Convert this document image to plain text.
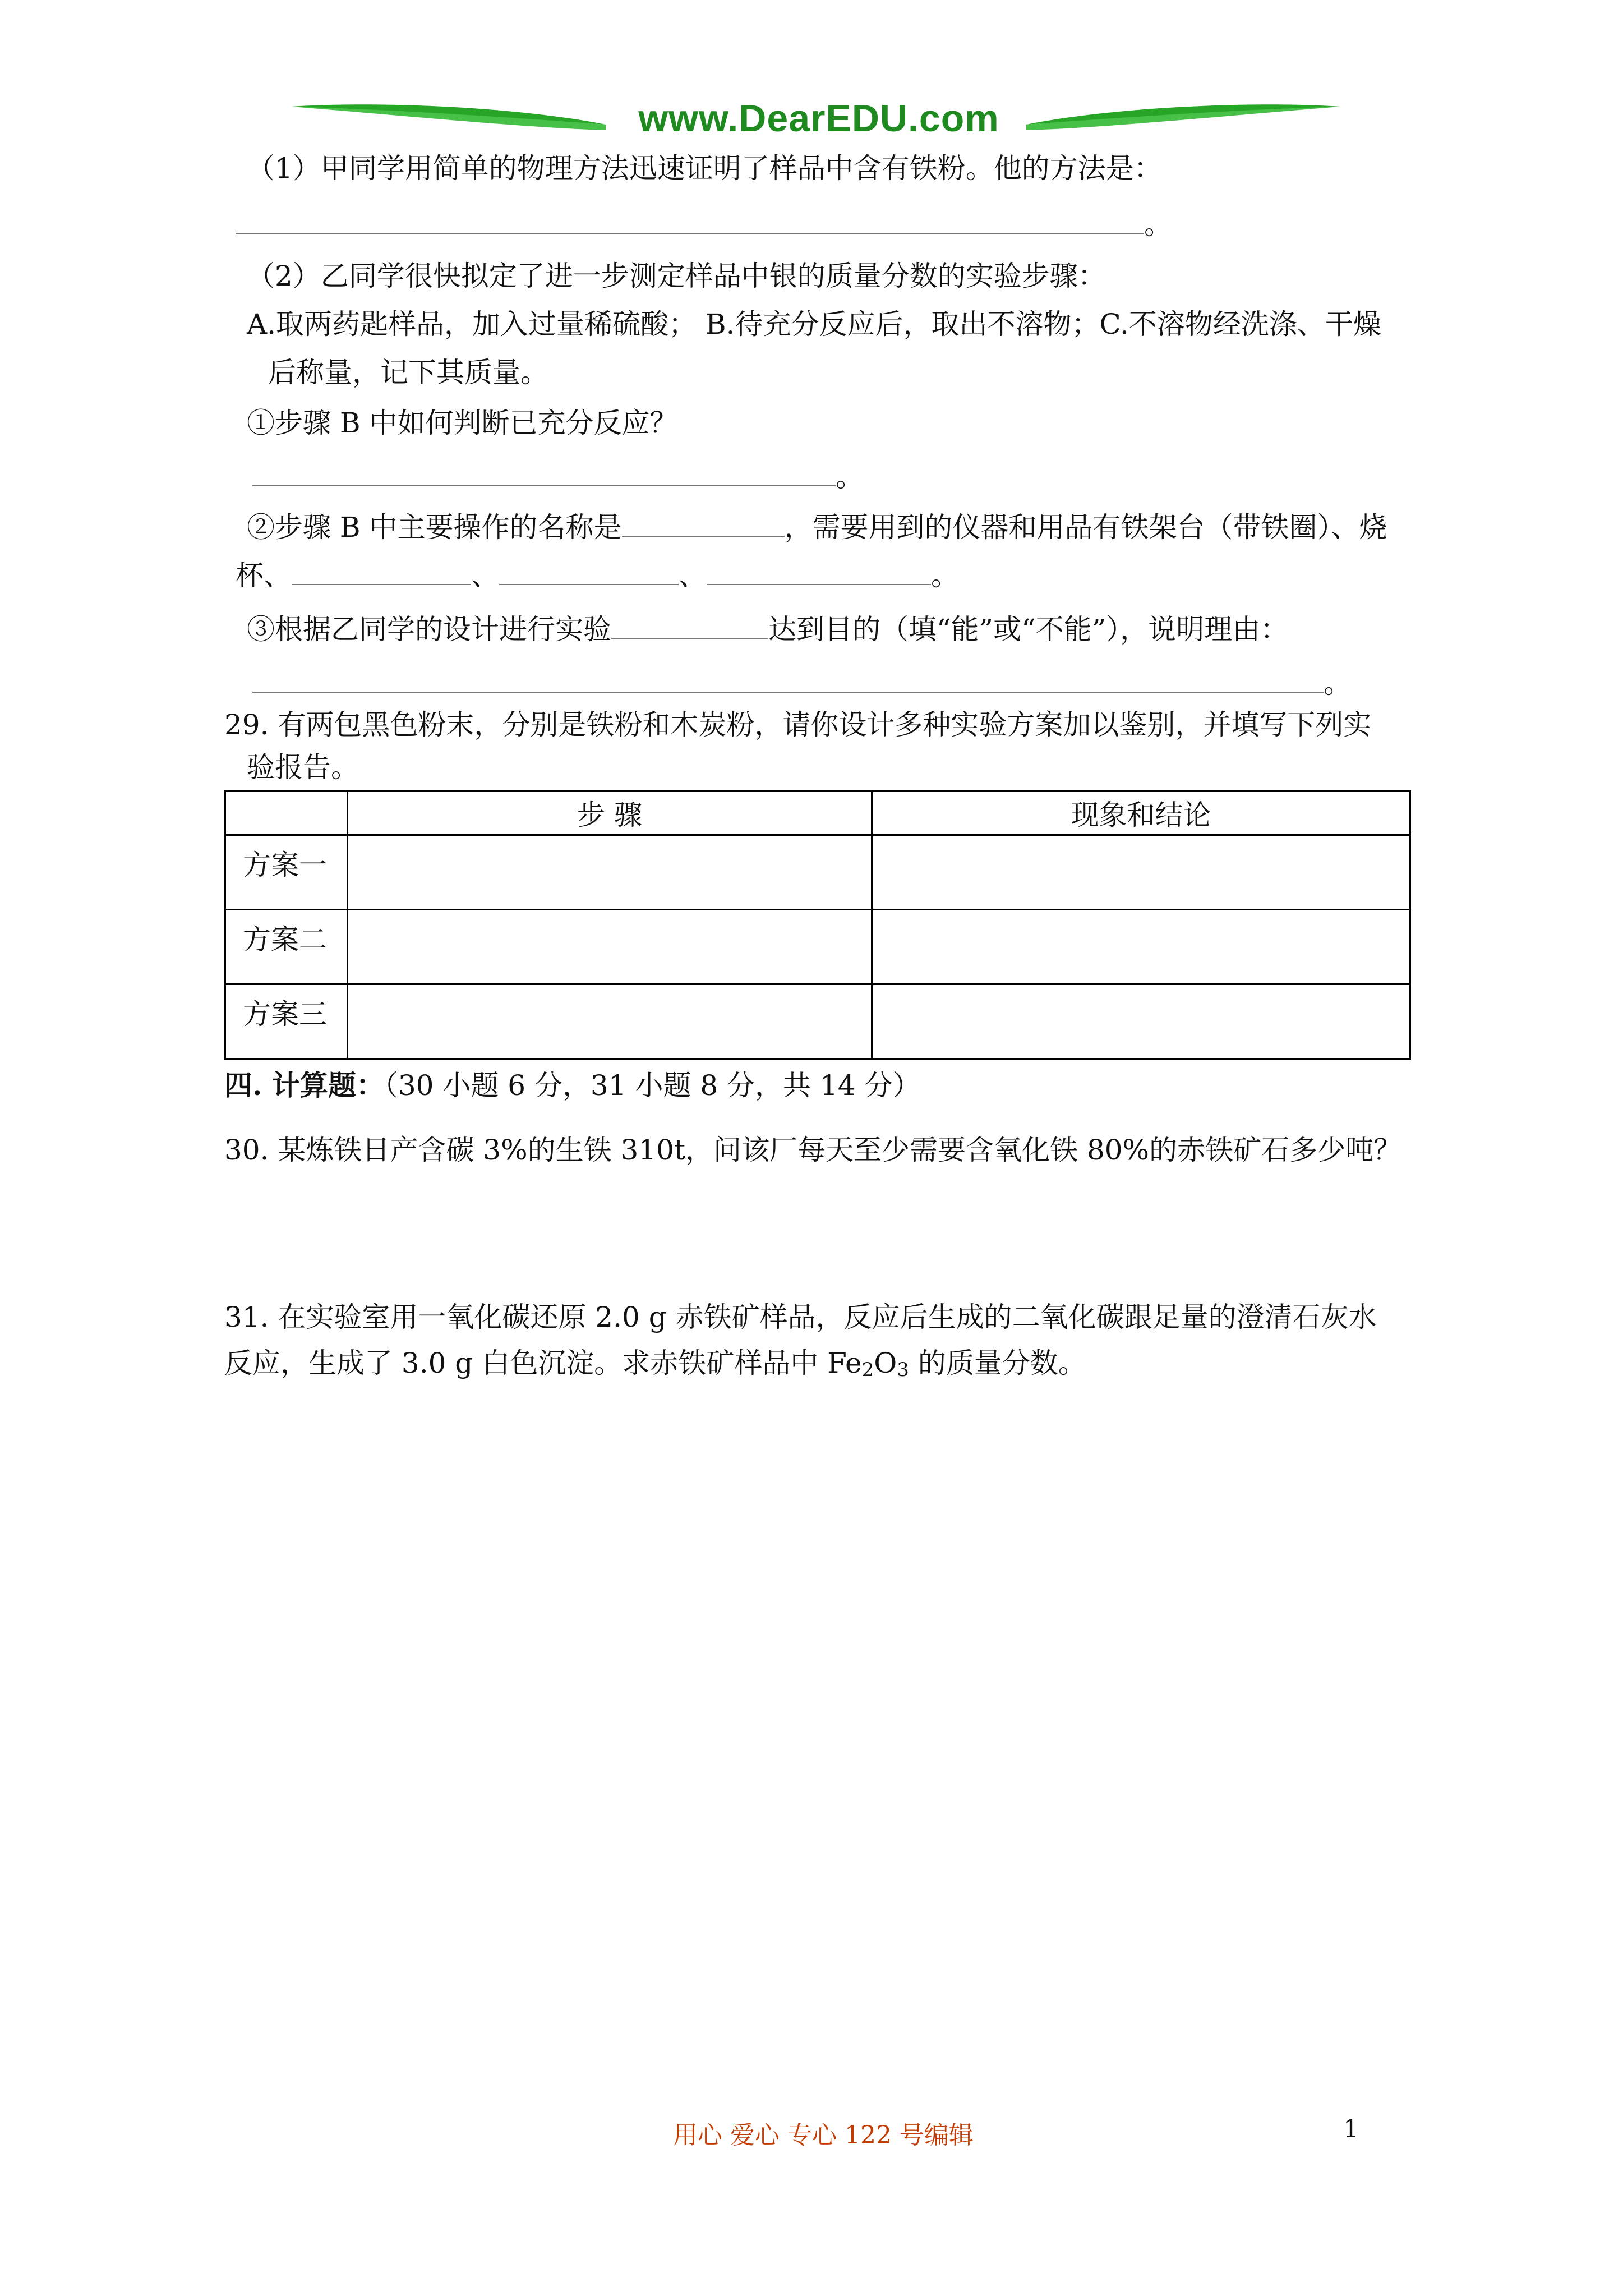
www.DearEDU.com
（1）甲同学用简单的物理方法迅速证明了样品中含有铁粉。他的方法是：
。
（2）乙同学很快拟定了进一步测定样品中银的质量分数的实验步骤：
A.取两药匙样品，加入过量稀硫酸； B.待充分反应后，取出不溶物；C.不溶物经洗涤、干燥
后称量，记下其质量。
①步骤 B 中如何判断已充分反应？
。
②步骤 B 中主要操作的名称是	，需要用到的仪器和用品有铁架台（带铁圈）、烧
杯、	、	、	。
③根据乙同学的设计进行实验	达到目的（填“能”或“不能”），说明理由：
。
29. 有两包黑色粉末，分别是铁粉和木炭粉，请你设计多种实验方案加以鉴别，并填写下列实
验报告。
	步 骤	现象和结论
方案一		
方案二		
方案三		
四. 计算题：（30 小题 6 分，31 小题 8 分，共 14 分）
30. 某炼铁日产含碳 3%的生铁 310t，问该厂每天至少需要含氧化铁 80%的赤铁矿石多少吨？
31. 在实验室用一氧化碳还原 2.0 g 赤铁矿样品，反应后生成的二氧化碳跟足量的澄清石灰水
反应，生成了 3.0 g 白色沉淀。求赤铁矿样品中 $Fe_2O_3$ 的质量分数。
用心 爱心 专心 122 号编辑	1
